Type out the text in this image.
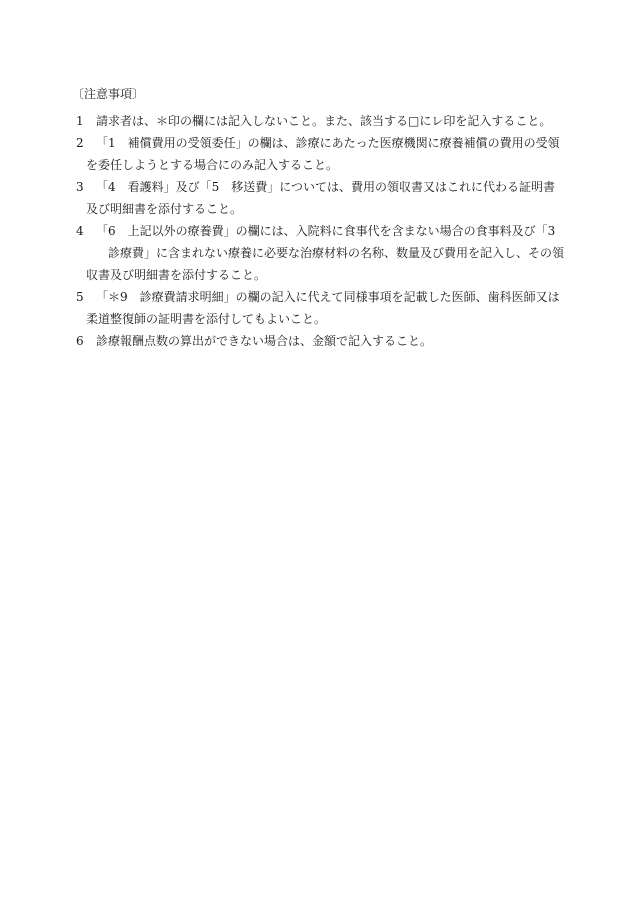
〔注意事項〕
1	請求者は、＊印の欄には記入しないこと。また、該当する□にレ印を記入すること。
2	「1　補償費用の受領委任」の欄は、診療にあたった医療機関に療養補償の費用の受領
を委任しようとする場合にのみ記入すること。
3	「4　看護料」及び「5　移送費」については、費用の領収書又はこれに代わる証明書
及び明細書を添付すること。
4	「6　上記以外の療養費」の欄には、入院料に食事代を含まない場合の食事料及び「3
　診療費」に含まれない療養に必要な治療材料の名称、数量及び費用を記入し、その領
収書及び明細書を添付すること。
5	「＊9　診療費請求明細」の欄の記入に代えて同様事項を記載した医師、歯科医師又は
柔道整復師の証明書を添付してもよいこと。
6	診療報酬点数の算出ができない場合は、金額で記入すること。
